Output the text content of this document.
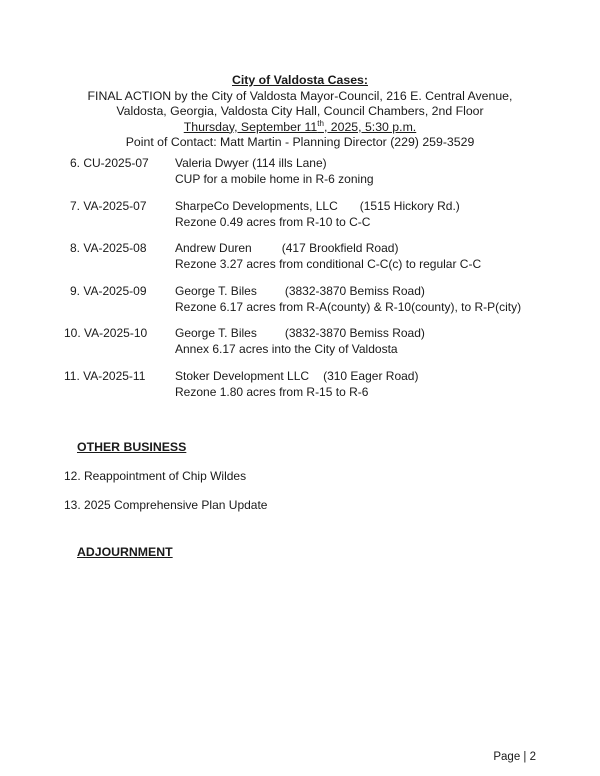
City of Valdosta Cases:
FINAL ACTION by the City of Valdosta Mayor-Council, 216 E. Central Avenue,
Valdosta, Georgia, Valdosta City Hall, Council Chambers, 2nd Floor
Thursday, September 11th, 2025, 5:30 p.m.
Point of Contact: Matt Martin - Planning Director (229) 259-3529
6. CU-2025-07	Valeria Dwyer (114 ills Lane)
CUP for a mobile home in R-6 zoning
7. VA-2025-07	SharpeCo Developments, LLC (1515 Hickory Rd.)
Rezone 0.49 acres from R-10 to C-C
8. VA-2025-08	Andrew Duren	(417 Brookfield Road)
Rezone 3.27 acres from conditional C-C(c) to regular C-C
9. VA-2025-09	George T. Biles (3832-3870 Bemiss Road)
Rezone 6.17 acres from R-A(county) & R-10(county), to R-P(city)
10. VA-2025-10	George T. Biles (3832-3870 Bemiss Road)
Annex 6.17 acres into the City of Valdosta
11. VA-2025-11	Stoker Development LLC (310 Eager Road)
Rezone 1.80 acres from R-15 to R-6
OTHER BUSINESS
12. Reappointment of Chip Wildes
13. 2025 Comprehensive Plan Update
ADJOURNMENT
Page | 2
